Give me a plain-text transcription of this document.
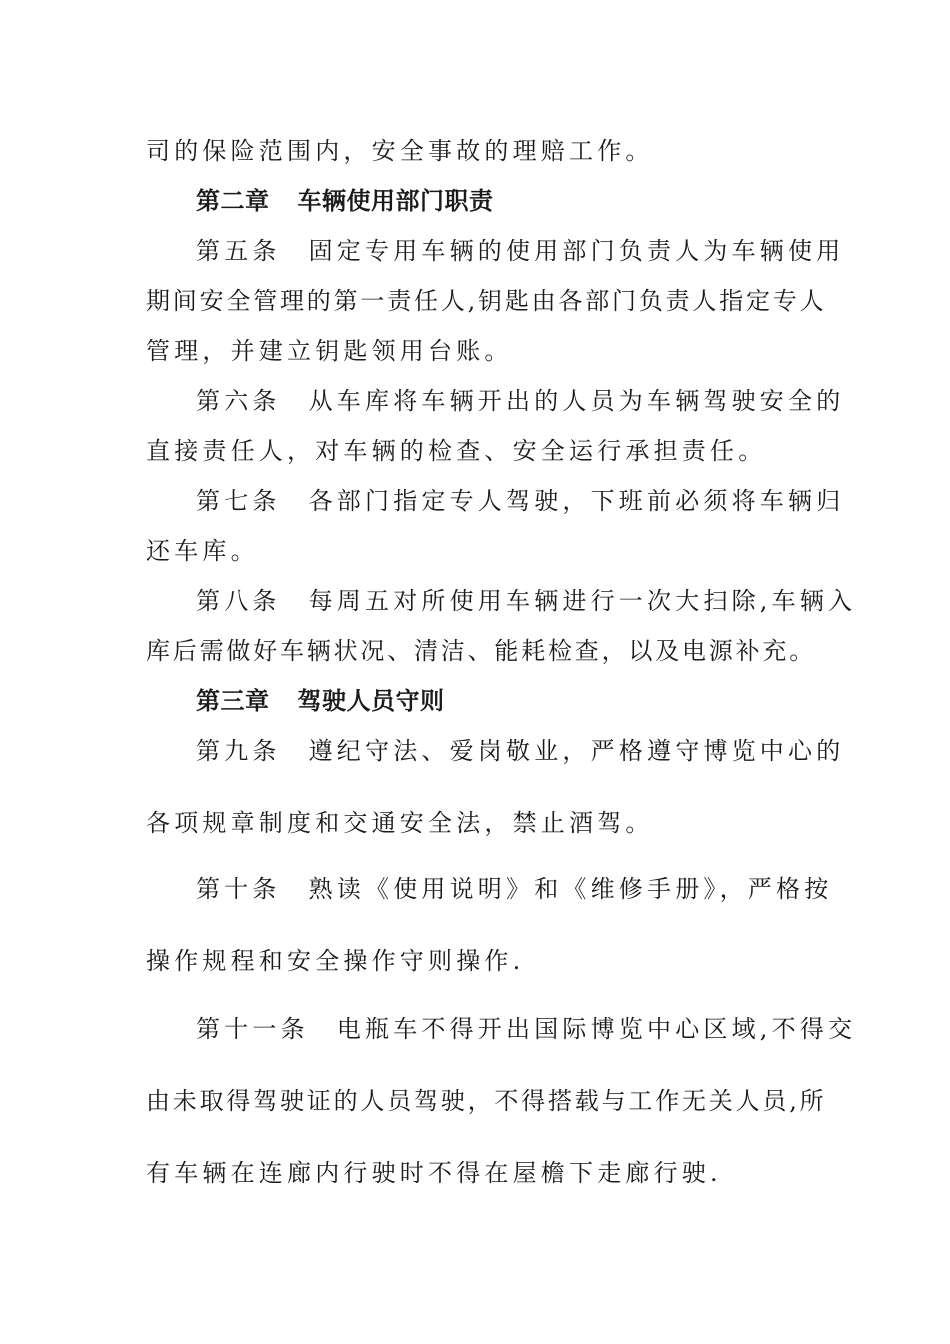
司的保险范围内，安全事故的理赔工作。
第二章 车辆使用部门职责
第五条 固定专用车辆的使用部门负责人为车辆使用
期间安全管理的第一责任人,钥匙由各部门负责人指定专人
管理，并建立钥匙领用台账。
第六条 从车库将车辆开出的人员为车辆驾驶安全的
直接责任人，对车辆的检查、安全运行承担责任。
第七条 各部门指定专人驾驶，下班前必须将车辆归
还车库。
第八条 每周五对所使用车辆进行一次大扫除,车辆入
库后需做好车辆状况、清洁、能耗检查，以及电源补充。
第三章 驾驶人员守则
第九条 遵纪守法、爱岗敬业，严格遵守博览中心的
各项规章制度和交通安全法，禁止酒驾。
第十条 熟读《使用说明》和《维修手册》，严格按
操作规程和安全操作守则操作.
第十一条 电瓶车不得开出国际博览中心区域,不得交
由未取得驾驶证的人员驾驶，不得搭载与工作无关人员,所
有车辆在连廊内行驶时不得在屋檐下走廊行驶.
